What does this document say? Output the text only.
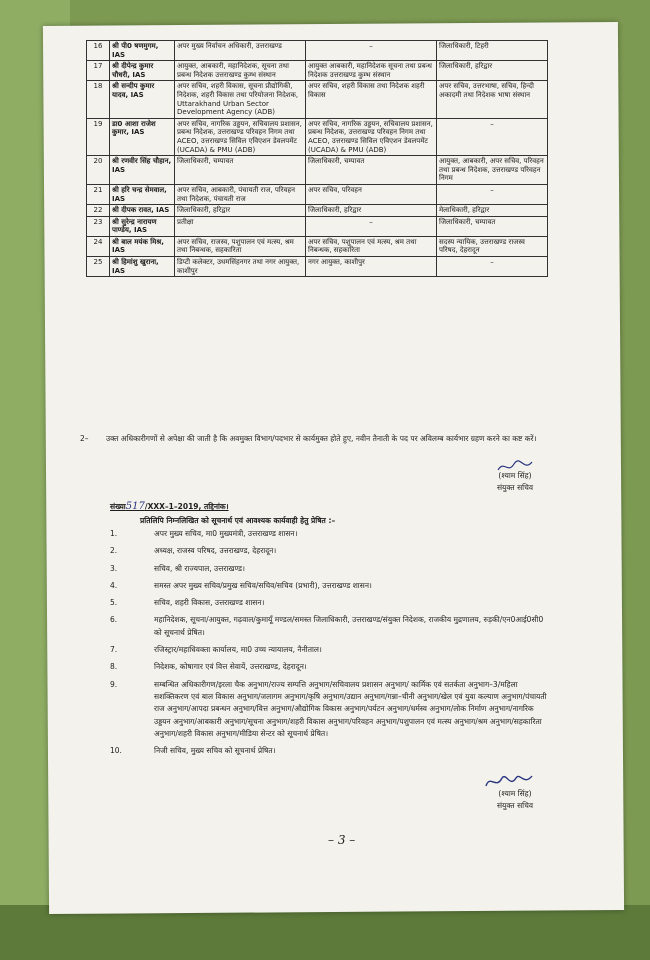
16	श्री पी0 षणमुगम, IAS	अपर मुख्य निर्वाचन अधिकारी, उत्तराखण्ड	–	जिलाधिकारी, टिहरी
17	श्री दीपेन्द्र कुमार चौधरी, IAS	आयुक्त, आबकारी, महानिदेशक, सूचना तथा प्रबन्ध निदेशक उत्तराखण्ड कुम्भ संस्थान	आयुक्त आबकारी, महानिदेशक सूचना तथा प्रबन्ध निदेशक उत्तराखण्ड कुम्भ संस्थान	जिलाधिकारी, हरिद्वार
18	श्री सन्दीप कुमार यादव, IAS	अपर सचिव, शहरी विकास, सूचना प्रौद्योगिकी, निदेशक, शहरी विकास तथा परियोजना निदेशक, Uttarakhand Urban Sector Development Agency (ADB)	अपर सचिव, शहरी विकास तथा निदेशक शहरी विकास	अपर सचिव, उत्तरभाषा, सचिव, हिन्दी अकादमी तथा निदेशक भाषा संस्थान
19	डा0 आशा राजेश कुमार, IAS	अपर सचिव, नागरिक उड्डयन, सचिवालय प्रशासन, प्रबन्ध निदेशक, उत्तराखण्ड परिवहन निगम तथा ACEO, उत्तराखण्ड सिविल एविएशन डेवलपमेंट (UCADA) & PMU (ADB)	अपर सचिव, नागरिक उड्डयन, सचिवालय प्रशासन, प्रबन्ध निदेशक, उत्तराखण्ड परिवहन निगम तथा ACEO, उत्तराखण्ड सिविल एविएशन डेवलपमेंट (UCADA) & PMU (ADB)	–
20	श्री रणवीर सिंह चौहान, IAS	जिलाधिकारी, चम्पावत	जिलाधिकारी, चम्पावत	आयुक्त, आबकारी, अपर सचिव, परिवहन तथा प्रबन्ध निदेशक, उत्तराखण्ड परिवहन निगम
21	श्री हरि चन्द्र सेमवाल, IAS	अपर सचिव, आबकारी, पंचायती राज, परिवहन तथा निदेशक, पंचायती राज	अपर सचिव, परिवहन	–
22	श्री दीपक रावत, IAS	जिलाधिकारी, हरिद्वार	जिलाधिकारी, हरिद्वार	मेलाधिकारी, हरिद्वार
23	श्री सुरेन्द्र नारायण पाण्डेय, IAS	प्रतीक्षा	–	जिलाधिकारी, चम्पावत
24	श्री बाल मयंक मिश्र, IAS	अपर सचिव, राजस्व, पशुपालन एवं मत्स्य, श्रम तथा निबन्धक, सहकारिता	अपर सचिव, पशुपालन एवं मत्स्य, श्रम तथा निबन्धक, सहकारिता	सदस्य न्यायिक, उत्तराखण्ड राजस्व परिषद, देहरादून
25	श्री हिमांशु खुराना, IAS	डिप्टी कलेक्टर, उधमसिंहनगर तथा नगर आयुक्त, काशीपुर	नगर आयुक्त, काशीपुर	–
2– उक्त अधिकारीगणों से अपेक्षा की जाती है कि अवमुक्त विभाग/पदभार से कार्यमुक्त होते हुए, नवीन तैनाती के पद पर अविलम्ब कार्यभार ग्रहण करने का कष्ट करें।
(श्याम सिंह)
संयुक्त सचिव
संख्या517/XXX–1–2019, तद्दिनांक।
प्रतिलिपि निम्नलिखित को सूचनार्थ एवं आवश्यक कार्यवाही हेतु प्रेषित :–
1.	अपर मुख्य सचिव, मा0 मुख्यमंत्री, उत्तराखण्ड शासन।
2.	अध्यक्ष, राजस्व परिषद, उत्तराखण्ड, देहरादून।
3.	सचिव, श्री राज्यपाल, उत्तराखण्ड।
4.	समस्त अपर मुख्य सचिव/प्रमुख सचिव/सचिव/सचिव (प्रभारी), उत्तराखण्ड शासन।
5.	सचिव, शहरी विकास, उत्तराखण्ड शासन।
6.	महानिदेशक, सूचना/आयुक्त, गढ़वाल/कुमायूँ मण्डल/समस्त जिलाधिकारी, उत्तराखण्ड/संयुक्त निदेशक, राजकीय मुद्रणालय, रुड़की/एन0आई0सी0 को सूचनार्थ प्रेषित।
7.	रजिस्ट्रार/महाधिवक्ता कार्यालय, मा0 उच्च न्यायालय, नैनीताल।
8.	निदेशक, कोषागार एवं वित्त सेवायें, उत्तराखण्ड, देहरादून।
9.	सम्बन्धित अधिकारीगण/इरला चैक अनुभाग/राज्य सम्पत्ति अनुभाग/सचिवालय प्रशासन अनुभाग/ कार्मिक एवं सतर्कता अनुभाग–3/महिला सशक्तिकरण एवं बाल विकास अनुभाग/जलागम अनुभाग/कृषि अनुभाग/उद्यान अनुभाग/गन्ना–चीनी अनुभाग/खेल एवं युवा कल्याण अनुभाग/पंचायती राज अनुभाग/आपदा प्रबन्धन अनुभाग/वित्त अनुभाग/औद्योगिक विकास अनुभाग/पर्यटन अनुभाग/धर्मस्व अनुभाग/लोक निर्माण अनुभाग/नागरिक उड्डयन अनुभाग/आबकारी अनुभाग/सूचना अनुभाग/शहरी विकास अनुभाग/परिवहन अनुभाग/पशुपालन एवं मत्स्य अनुभाग/श्रम अनुभाग/सहकारिता अनुभाग/शहरी विकास अनुभाग/मीडिया सेन्टर को सूचनार्थ प्रेषित।
10.	निजी सचिव, मुख्य सचिव को सूचनार्थ प्रेषित।
(श्याम सिंह)
संयुक्त सचिव
– 3 –
